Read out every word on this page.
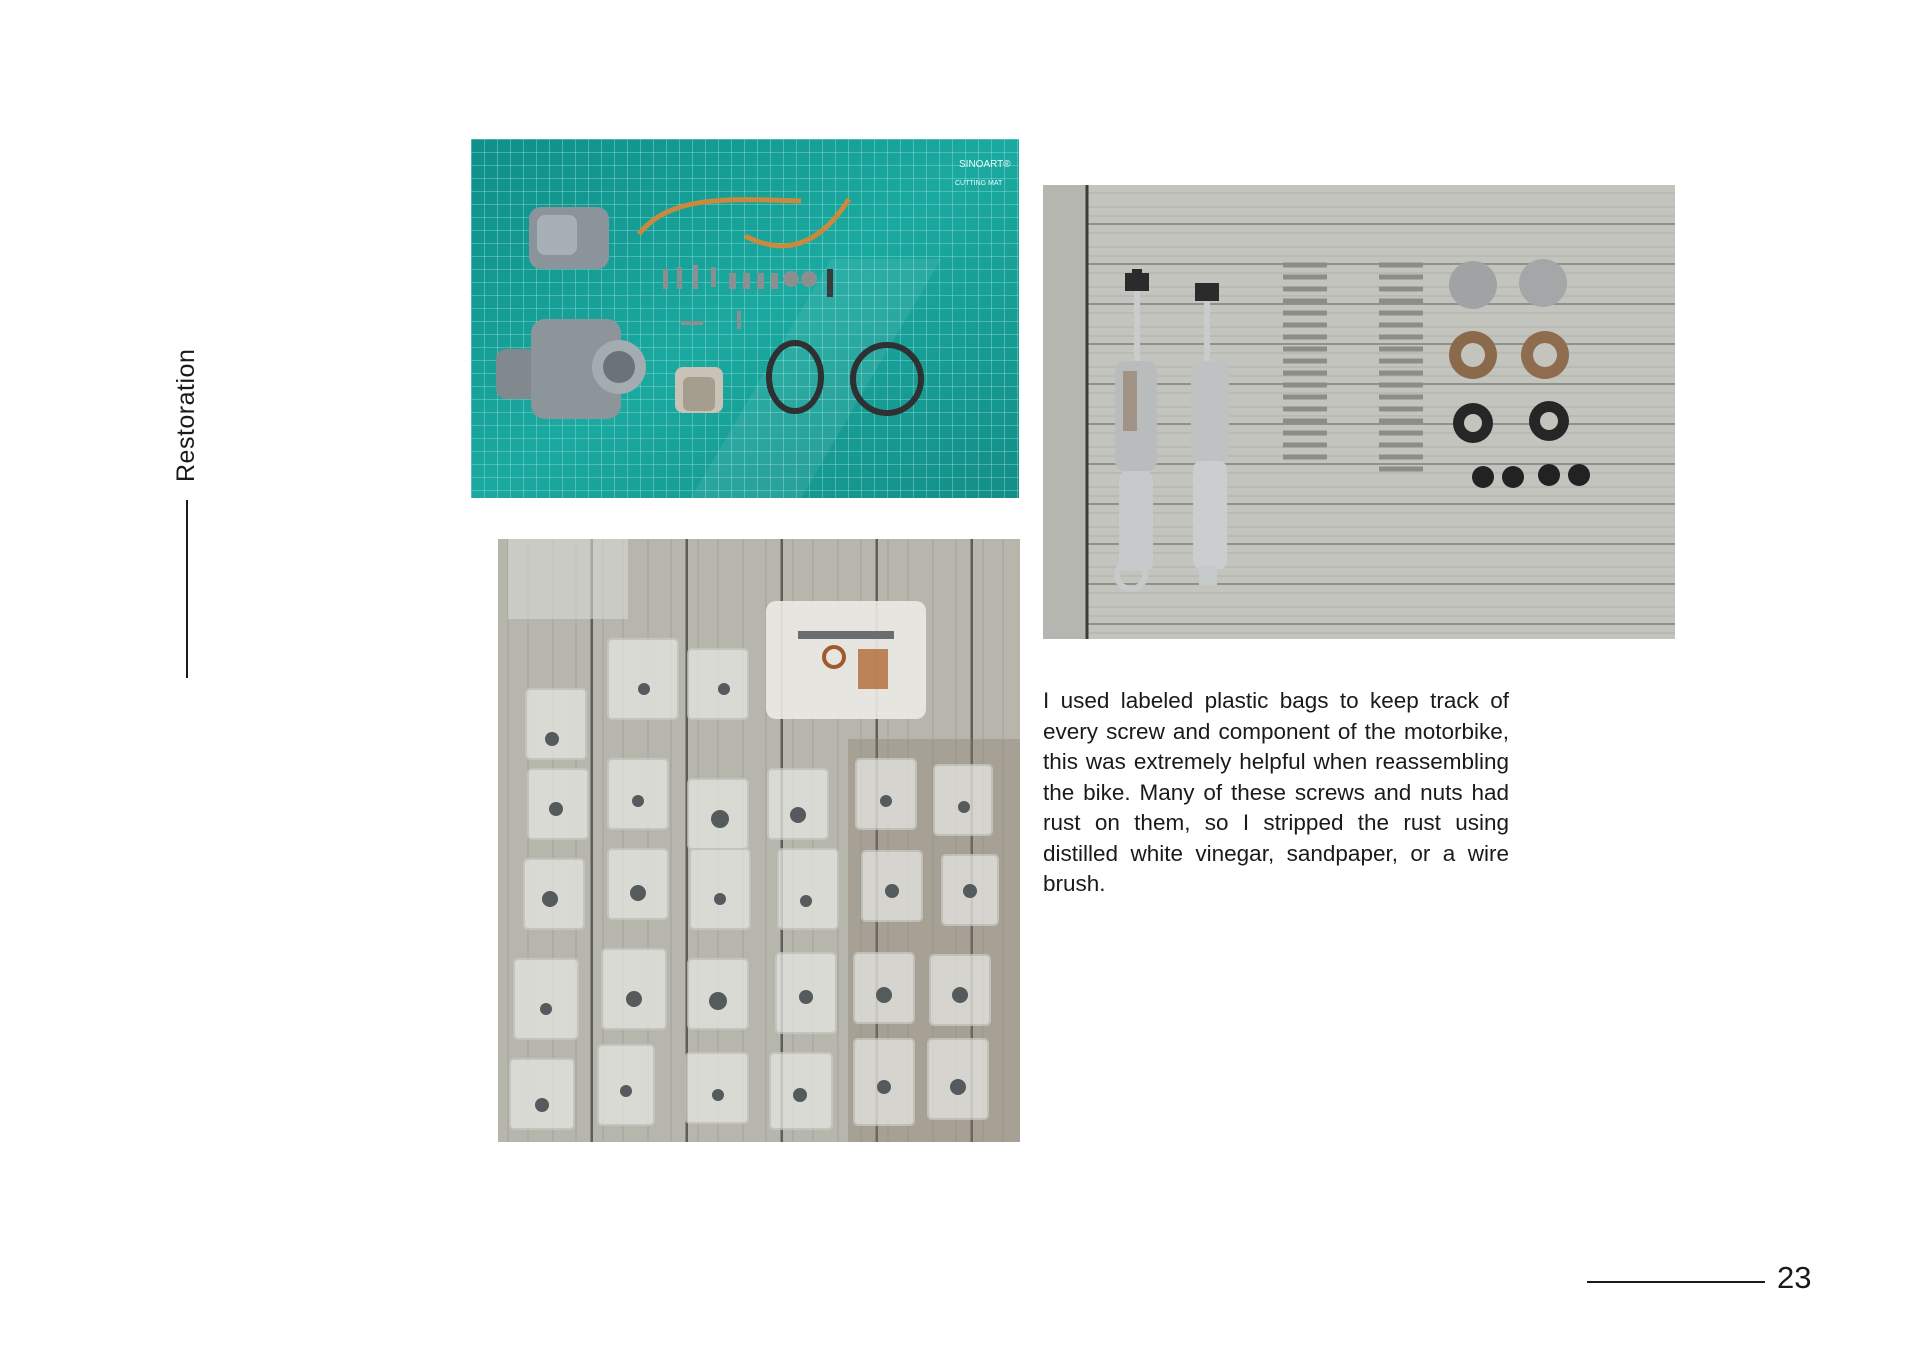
Restoration
SINOART®
CUTTING MAT

I used labeled plastic bags to keep track of every screw and component of the motorbike, this was extremely helpful when reassembling the bike. Many of these screws and nuts had rust on them, so I stripped the rust using distilled white vinegar, sandpaper, or a wire brush.

23
